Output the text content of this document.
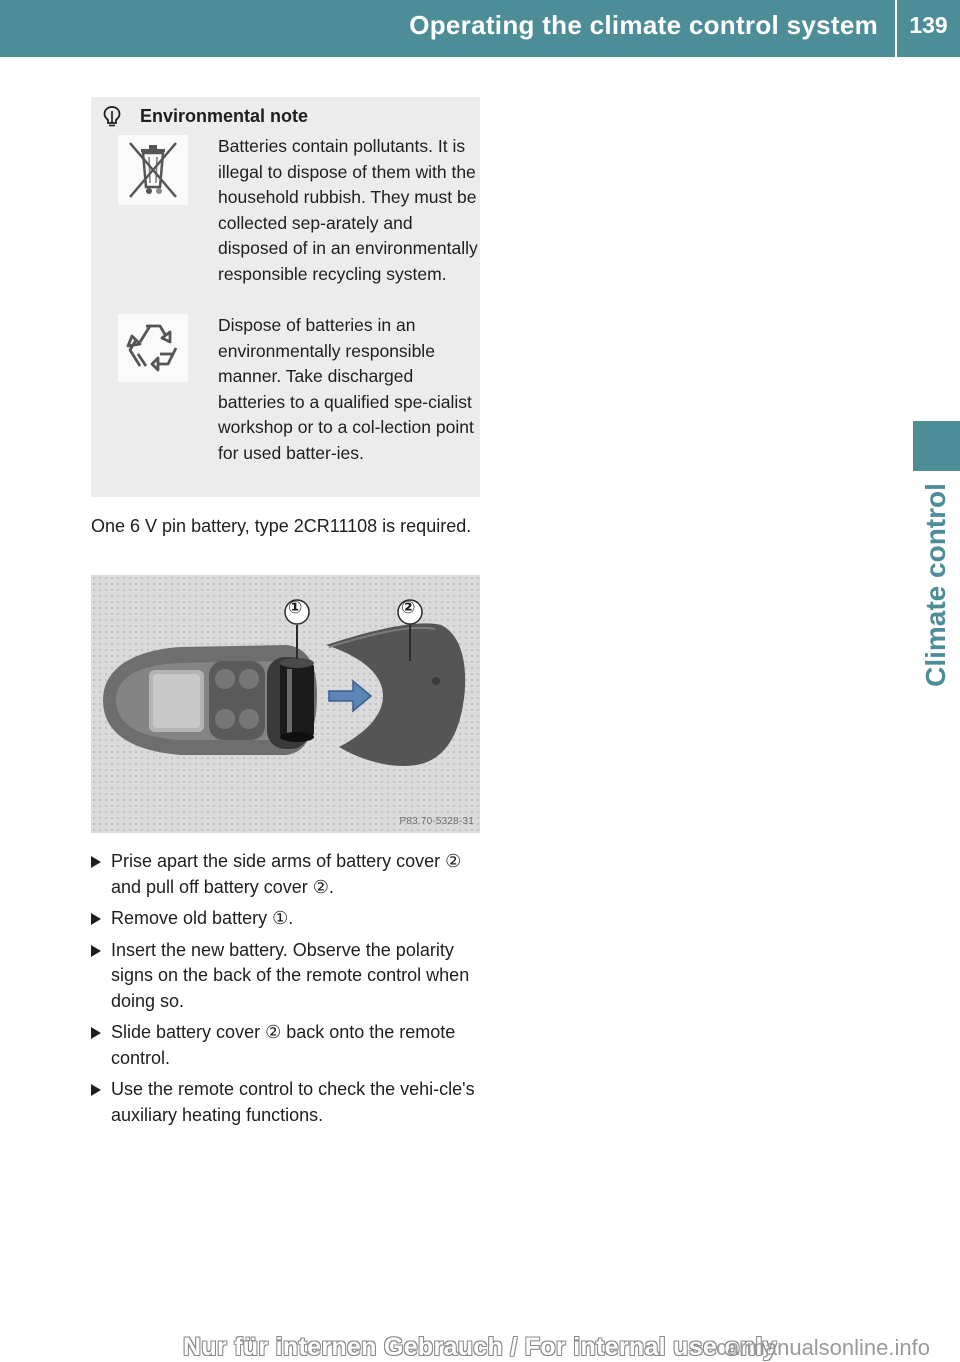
Operating the climate control system	139
Climate control
Environmental note
Batteries contain pollutants. It is illegal to dispose of them with the household rubbish. They must be collected sep-arately and disposed of in an environmentally responsible recycling system.
Dispose of batteries in an environmentally responsible manner. Take discharged batteries to a qualified spe-cialist workshop or to a col-lection point for used batter-ies.
One 6 V pin battery, type 2CR11108 is required.
①	②
P83.70-5328-31
Prise apart the side arms of battery cover ② and pull off battery cover ②.
Remove old battery ①.
Insert the new battery. Observe the polarity signs on the back of the remote control when doing so.
Slide battery cover ② back onto the remote control.
Use the remote control to check the vehi-cle's auxiliary heating functions.
Nur für internen Gebrauch / For internal use only
carmanualsonline.info
